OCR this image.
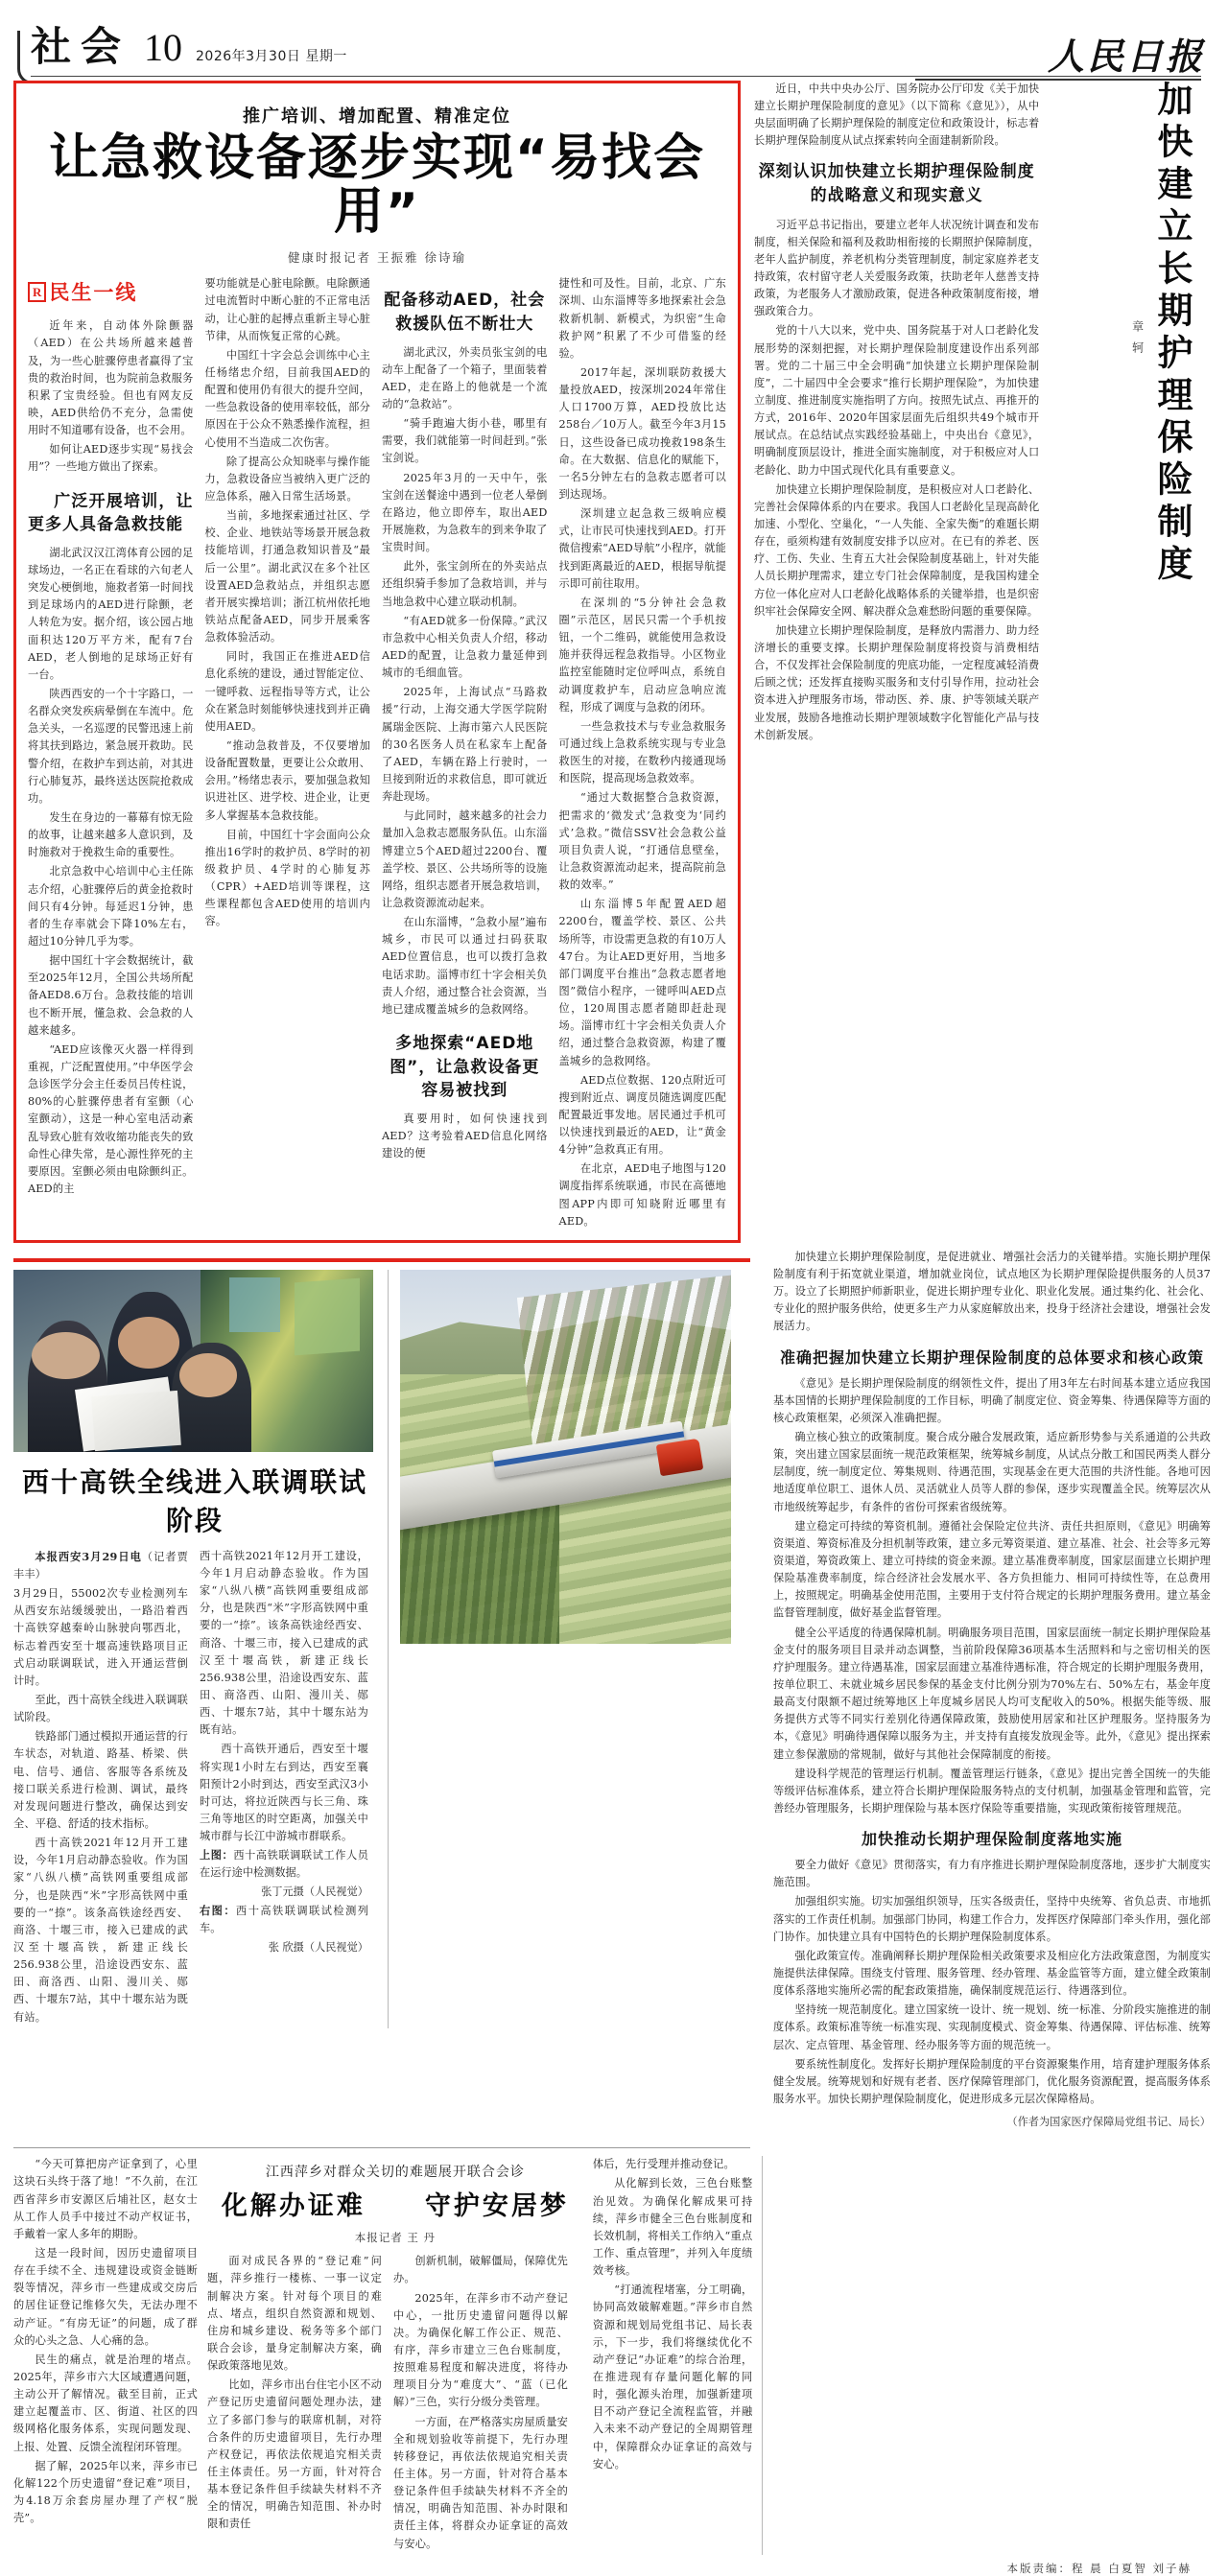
社会 10 2026年3月30日 星期一	人民日报
推广培训、增加配置、精准定位
让急救设备逐步实现“易找会用”
健康时报记者 王振雅 徐诗瑜
R 民生一线

近年来，自动体外除颤器（AED）在公共场所越来越普及，为一些心脏骤停患者赢得了宝贵的救治时间，也为院前急救服务积累了宝贵经验。但也有网友反映，AED供给仍不充分，急需使用时不知道哪有设备，也不会用。

如何让AED逐步实现“易找会用”？一些地方做出了探索。

广泛开展培训，让更多人具备急救技能

湖北武汉汉江湾体育公园的足球场边，一名正在看球的六旬老人突发心梗倒地，施救者第一时间找到足球场内的AED进行除颤，老人转危为安。据介绍，该公园占地面积达120万平方米，配有7台AED，老人倒地的足球场正好有一台。

陕西西安的一个十字路口，一名群众突发疾病晕倒在车流中。危急关头，一名巡逻的民警迅速上前将其扶到路边，紧急展开救助。民警介绍，在救护车到达前，对其进行心肺复苏，最终送达医院抢救成功。

发生在身边的一幕幕有惊无险的故事，让越来越多人意识到，及时施救对于挽救生命的重要性。

北京急救中心培训中心主任陈志介绍，心脏骤停后的黄金抢救时间只有4分钟。每延迟1分钟，患者的生存率就会下降10%左右，超过10分钟几乎为零。

据中国红十字会数据统计，截至2025年12月，全国公共场所配备AED8.6万台。急救技能的培训也不断开展，懂急救、会急救的人越来越多。

“AED应该像灭火器一样得到重视，广泛配置使用。”中华医学会急诊医学分会主任委员吕传柱说，80%的心脏骤停患者有室颤（心室颤动），这是一种心室电活动紊乱导致心脏有效收缩功能丧失的致命性心律失常，是心源性猝死的主要原因。室颤必须由电除颤纠正。AED的主

要功能就是心脏电除颤。电除颤通过电流暂时中断心脏的不正常电活动，让心脏的起搏点重新主导心脏节律，从而恢复正常的心跳。

中国红十字会总会训练中心主任杨绪忠介绍，目前我国AED的配置和使用仍有很大的提升空间，一些急救设备的使用率较低，部分原因在于公众不熟悉操作流程，担心使用不当造成二次伤害。

除了提高公众知晓率与操作能力，急救设备应当被纳入更广泛的应急体系，融入日常生活场景。

当前，多地探索通过社区、学校、企业、地铁站等场景开展急救技能培训，打通急救知识普及“最后一公里”。湖北武汉在多个社区设置AED急救站点，并组织志愿者开展实操培训；浙江杭州依托地铁站点配备AED，同步开展乘客急救体验活动。

同时，我国正在推进AED信息化系统的建设，通过智能定位、一键呼救、远程指导等方式，让公众在紧急时刻能够快速找到并正确使用AED。

“推动急救普及，不仅要增加设备配置数量，更要让公众敢用、会用。”杨绪忠表示，要加强急救知识进社区、进学校、进企业，让更多人掌握基本急救技能。

目前，中国红十字会面向公众推出16学时的救护员、8学时的初级救护员、4学时的心肺复苏（CPR）+AED培训等课程，这些课程都包含AED使用的培训内容。

配备移动AED，社会救援队伍不断壮大

湖北武汉，外卖员张宝剑的电动车上配备了一个箱子，里面装着AED，走在路上的他就是一个流动的“急救站”。

“骑手跑遍大街小巷，哪里有需要，我们就能第一时间赶到。”张宝剑说。

2025年3月的一天中午，张宝剑在送餐途中遇到一位老人晕倒在路边，他立即停车，取出AED开展施救，为急救车的到来争取了宝贵时间。

此外，张宝剑所在的外卖站点还组织骑手参加了急救培训，并与当地急救中心建立联动机制。

“有AED就多一份保障。”武汉市急救中心相关负责人介绍，移动AED的配置，让急救力量延伸到城市的毛细血管。

2025年，上海试点“马路救援”行动，上海交通大学医学院附属瑞金医院、上海市第六人民医院的30名医务人员在私家车上配备了AED，车辆在路上行驶时，一旦接到附近的求救信息，即可就近奔赴现场。

与此同时，越来越多的社会力量加入急救志愿服务队伍。山东淄博建立5个AED超过2200台、覆盖学校、景区、公共场所等的设施网络，组织志愿者开展急救培训，让急救资源流动起来。

在山东淄博，“急救小屋”遍布城乡，市民可以通过扫码获取AED位置信息，也可以拨打急救电话求助。淄博市红十字会相关负责人介绍，通过整合社会资源，当地已建成覆盖城乡的急救网络。

多地探索“AED地图”，让急救设备更容易被找到

真要用时，如何快速找到AED？这考验着AED信息化网络建设的便

捷性和可及性。目前，北京、广东深圳、山东淄博等多地探索社会急救新机制、新模式，为织密“生命救护网”积累了不少可借鉴的经验。

2017年起，深圳联防救援大量投放AED，按深圳2024年常住人口1700万算，AED投放比达258台／10万人。截至今年3月15日，这些设备已成功挽救198条生命。在大数据、信息化的赋能下，一名5分钟左右的急救志愿者可以到达现场。

深圳建立起急救三级响应模式，让市民可快速找到AED。打开微信搜索“AED导航”小程序，就能找到距离最近的AED，根据导航提示即可前往取用。

在深圳的“5分钟社会急救圈”示范区，居民只需一个手机按钮，一个二维码，就能使用急救设施并获得远程急救指导。小区物业监控室能随时定位呼叫点，系统自动调度救护车，启动应急响应流程，形成了调度与急救的闭环。

一些急救技术与专业急救服务可通过线上急救系统实现与专业急救医生的对接，在数秒内接通现场和医院，提高现场急救效率。

“通过大数据整合急救资源，把需求的‘微发式’急救变为‘同约式’急救。”微信SSV社会急救公益项目负责人说，“打通信息壁垒，让急救资源流动起来，提高院前急救的效率。”

山东淄博5年配置AED超2200台，覆盖学校、景区、公共场所等，市设需更急救的有10万人47台。为让AED更好用，当地多部门调度平台推出“急救志愿者地图”微信小程序，一键呼叫AED点位，120周围志愿者随即赶赴现场。淄博市红十字会相关负责人介绍，通过整合急救资源，构建了覆盖城乡的急救网络。

AED点位数据、120点附近可搜到附近点、调度员随选调度匹配配置最近事发地。居民通过手机可以快速找到最近的AED，让“黄金4分钟”急救真正有用。

在北京，AED电子地图与120调度指挥系统联通，市民在高德地图APP内即可知晓附近哪里有AED。

近日，中共中央办公厅、国务院办公厅印发《关于加快建立长期护理保险制度的意见》（以下简称《意见》），从中央层面明确了长期护理保险的制度定位和政策设计，标志着长期护理保险制度从试点探索转向全面建制新阶段。

深刻认识加快建立长期护理保险制度的战略意义和现实意义

习近平总书记指出，要建立老年人状况统计调查和发布制度，相关保险和福利及救助相衔接的长期照护保障制度，老年人监护制度，养老机构分类管理制度，制定家庭养老支持政策，农村留守老人关爱服务政策，扶助老年人慈善支持政策，为老服务人才激励政策，促进各种政策制度衔接，增强政策合力。

党的十八大以来，党中央、国务院基于对人口老龄化发展形势的深刻把握，对长期护理保险制度建设作出系列部署。党的二十届三中全会明确“加快建立长期护理保险制度”，二十届四中全会要求“推行长期护理保险”，为加快建立制度、推进制度实施指明了方向。按照先试点、再推开的方式，2016年、2020年国家层面先后组织共49个城市开展试点。在总结试点实践经验基础上，中央出台《意见》，明确制度顶层设计，推进全面实施制度，对于积极应对人口老龄化、助力中国式现代化具有重要意义。

加快建立长期护理保险制度，是积极应对人口老龄化、完善社会保障体系的内在要求。我国人口老龄化呈现高龄化加速、小型化、空巢化，“一人失能、全家失衡”的难题长期存在，亟须构建有效制度安排予以应对。在已有的养老、医疗、工伤、失业、生育五大社会保险制度基础上，针对失能人员长期护理需求，建立专门社会保障制度，是我国构建全方位一体化应对人口老龄化战略体系的关键举措，也是织密织牢社会保障安全网、解决群众急难愁盼问题的重要保障。

加快建立长期护理保险制度，是释放内需潜力、助力经济增长的重要支撑。长期护理保险制度将投资与消费相结合，不仅发挥社会保险制度的兜底功能，一定程度减轻消费后顾之忧；还发挥直接购买服务和支付引导作用，拉动社会资本进入护理服务市场，带动医、养、康、护等领域关联产业发展，鼓励各地推动长期护理领域数字化智能化产品与技术创新发展。

章轲 加快建立长期护理保险制度
西十高铁全线进入联调联试阶段

本报西安3月29日电（记者贾丰丰）

3月29日，55002次专业检测列车从西安东站缓缓驶出，一路沿着西十高铁穿越秦岭山脉驶向鄂西北，标志着西安至十堰高速铁路项目正式启动联调联试，进入开通运营倒计时。

至此，西十高铁全线进入联调联试阶段。

铁路部门通过模拟开通运营的行车状态，对轨道、路基、桥梁、供电、信号、通信、客服等各系统及接口联关系进行检测、调试，最终对发现问题进行整改，确保达到安全、平稳、舒适的技术指标。

西十高铁2021年12月开工建设，今年1月启动静态验收。作为国家“八纵八横”高铁网重要组成部分，也是陕西“米”字形高铁网中重要的一“捺”。该条高铁途经西安、商洛、十堰三市，接入已建成的武汉至十堰高铁，新建正线长256.938公里，沿途设西安东、蓝田、商洛西、山阳、漫川关、郧西、十堰东7站，其中十堰东站为既有站。

西十高铁2021年12月开工建设，今年1月启动静态验收。作为国家“八纵八横”高铁网重要组成部分，也是陕西“米”字形高铁网中重要的一“捺”。该条高铁途经西安、商洛、十堰三市，接入已建成的武汉至十堰高铁，新建正线长256.938公里，沿途设西安东、蓝田、商洛西、山阳、漫川关、郧西、十堰东7站，其中十堰东站为既有站。

西十高铁开通后，西安至十堰将实现1小时左右到达，西安至襄阳预计2小时到达，西安至武汉3小时可达，将拉近陕西与长三角、珠三角等地区的时空距离，加强关中城市群与长江中游城市群联系。

上图：西十高铁联调联试工作人员在运行途中检测数据。

张丁元摄（人民视觉）

右图：西十高铁联调联试检测列车。

张 欣摄（人民视觉）

加快建立长期护理保险制度，是促进就业、增强社会活力的关键举措。实施长期护理保险制度有利于拓宽就业渠道，增加就业岗位，试点地区为长期护理保险提供服务的人员37万。设立了长期照护师新职业，促进长期护理专业化、职业化发展。通过集约化、社会化、专业化的照护服务供给，使更多生产力从家庭解放出来，投身于经济社会建设，增强社会发展活力。

准确把握加快建立长期护理保险制度的总体要求和核心政策

《意见》是长期护理保险制度的纲领性文件，提出了用3年左右时间基本建立适应我国基本国情的长期护理保险制度的工作目标，明确了制度定位、资金筹集、待遇保障等方面的核心政策框架，必须深入准确把握。

确立核心独立的政策制度。聚合成分融合发展政策，适应新形势参与关系通道的公共政策，突出建立国家层面统一规范政策框架，统筹城乡制度，从试点分散工和国民两类人群分层制度，统一制度定位、筹集规则、待遇范围，实现基金在更大范围的共济性能。各地可因地适度单位职工、退休人员、灵活就业人员等人群的参保，逐步实现覆盖全民。统筹层次从市地级统筹起步，有条件的省份可探索省级统筹。

建立稳定可持续的筹资机制。遵循社会保险定位共济、责任共担原则，《意见》明确筹资渠道、筹资标准及分担机制等政策，建立多元筹资渠道、建立基准、社会、社会等多元筹资渠道，筹资政策上、建立可持续的资金来源。建立基准费率制度，国家层面建立长期护理保险基准费率制度，综合经济社会发展水平、各方负担能力、相同可持续性等，在总费用上，按照规定。明确基金使用范围，主要用于支付符合规定的长期护理服务费用。建立基金监督管理制度，做好基金监督管理。

健全公平适度的待遇保障机制。明确服务项目范围，国家层面统一制定长期护理保险基金支付的服务项目目录并动态调整，当前阶段保障36项基本生活照料和与之密切相关的医疗护理服务。建立待遇基准，国家层面建立基准待遇标准，符合规定的长期护理服务费用，按单位职工、未就业城乡居民参保的基金支付比例分别为70%左右、50%左右，基金年度最高支付限额不超过统筹地区上年度城乡居民人均可支配收入的50%。根据失能等级、服务提供方式等不同实行差别化待遇保障政策，鼓励使用居家和社区护理服务。坚持服务为本，《意见》明确待遇保障以服务为主，并支持有直接发放现金等。此外，《意见》提出探索建立参保激励的常规制，做好与其他社会保障制度的衔接。

建设科学规范的管理运行机制。覆盖管理运行链条，《意见》提出完善全国统一的失能等级评估标准体系，建立符合长期护理保险服务特点的支付机制，加强基金管理和监管，完善经办管理服务，长期护理保险与基本医疗保险等重要措施，实现政策衔接管理规范。

加快推动长期护理保险制度落地实施

要全力做好《意见》贯彻落实，有力有序推进长期护理保险制度落地，逐步扩大制度实施范围。

加强组织实施。切实加强组织领导，压实各级责任，坚持中央统筹、省负总责、市地抓落实的工作责任机制。加强部门协同，构建工作合力，发挥医疗保障部门牵头作用，强化部门协作。加快建立具有中国特色的长期护理保险制度体系。

强化政策宣传。准确阐释长期护理保险相关政策要求及相应化方法政策意图，为制度实施提供法律保障。围绕支付管理、服务管理、经办管理、基金监管等方面，建立健全政策制度体系落地实施所必需的配套政策措施，确保制度规范运行、待遇落到位。

坚持统一规范制度化。建立国家统一设计、统一规划、统一标准、分阶段实施推进的制度体系。政策标准等统一标准实现、实现制度模式、资金筹集、待遇保障、评估标准、统筹层次、定点管理、基金管理、经办服务等方面的规范统一。

要系统性制度化。发挥好长期护理保险制度的平台资源聚集作用，培育建护理服务体系健全发展。统筹规划和好规有老者、医疗保障管理部门，优化服务资源配置，提高服务体系服务水平。加快长期护理保险制度化，促进形成多元层次保障格局。

（作者为国家医疗保障局党组书记、局长）

“今天可算把房产证拿到了，心里这块石头终于落了地！”不久前，在江西省萍乡市安源区后埔社区，赵女士从工作人员手中接过不动产权证书，手戴着一家人多年的期盼。

这是一段时间，因历史遗留项目存在手续不全、违规建设或资金链断裂等情况，萍乡市一些建成或交房后的居住证登记维修欠失，无法办理不动产证。“有房无证”的问题，成了群众的心头之急、人心痛的急。

民生的痛点，就是治理的堵点。2025年，萍乡市六大区域遭遇问题，主动公开了解情况。截至目前，正式建立起覆盖市、区、街道、社区的四级网格化服务体系，实现问题发现、上报、处置、反馈全流程闭环管理。

据了解，2025年以来，萍乡市已化解122个历史遗留“登记难”项目，为4.18万余套房屋办理了产权“脱壳”。

江西萍乡对群众关切的难题展开联合会诊
化解办证难 守护安居梦
本报记者 王 丹

面对成民各界的“登记难”问题，萍乡推行一楼栋、一事一议定制解决方案。针对每个项目的难点、堵点，组织自然资源和规划、住房和城乡建设、税务等多个部门联合会诊，量身定制解决方案，确保政策落地见效。

比如，萍乡市出台住宅小区不动产登记历史遗留问题处理办法，建立了多部门参与的联席机制，对符合条件的历史遗留项目，先行办理产权登记，再依法依规追究相关责任主体责任。另一方面，针对符合基本登记条件但手续缺失材料不齐全的情况，明确告知范围、补办时限和责任

创新机制，破解僵局，保障优先办。

2025年，在萍乡市不动产登记中心，一批历史遗留问题得以解决。为确保化解工作公正、规范、有序，萍乡市建立三色台账制度，按照难易程度和解决进度，将待办理项目分为“难度大”、“蓝（已化解）”三色，实行分级分类管理。

一方面，在严格落实房屋质量安全和规划验收等前提下，先行办理转移登记，再依法依规追究相关责任主体。另一方面，针对符合基本登记条件但手续缺失材料不齐全的情况，明确告知范围、补办时限和责任主体，将群众办证拿证的高效与安心。

体后，先行受理并推动登记。

从化解到长效，三色台账整治见效。为确保化解成果可持续，萍乡市健全三色台账制度和长效机制，将相关工作纳入“重点工作、重点管理”，并列入年度绩效考核。

“打通流程堵塞，分工明确，协同高效破解难题。”萍乡市自然资源和规划局党组书记、局长表示，下一步，我们将继续优化不动产登记“办证难”的综合治理，在推进现有存量问题化解的同时，强化源头治理，加强新建项目不动产登记全流程监管，并融入未来不动产登记的全周期管理中，保障群众办证拿证的高效与安心。

本版责编：程 晨 白夏智 刘子赫
